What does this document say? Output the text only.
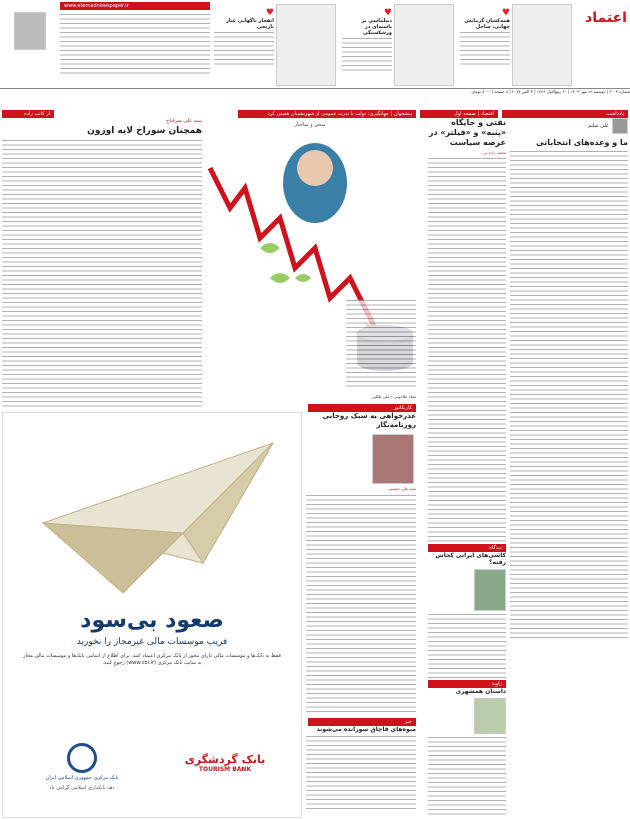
اعتماد
♥
همه‌کشان گرمایش جهانی، ساحل
♥
دیپلماسی بر پاشنه‌ای در ورشکستگی
♥
انفجار ناگهانی غبار نارنجی
www.etemadnewspaper.ir
شماره ۳۰۰۳ | دوشنبه ۱۲ مهر ۱۴۰۳ | ۳۰ ربیع‌الاول ۱۴۴۶ | ۳ اکتبر ۲۰۲۴ | ۸ صفحه | ۸۰۰۰ تومان
پیشخوان | جهانگیری: دولت با ندرت عمومی از شهرنشینان هستی کرد	اقتصاد | صفحه اول	یادداشت
از کاتب زاده
علی سلیم
ما و وعده‌های انتخاباتی
نفتی و جایگاه «پنبه» و «فیلتر» در عرصه سیاست
محمد زاده بی
سخن و ساختار
میلاد طاحونی - علی طالبی
سید علی میرفتاح
همچنان سوراخ لایه اوزون
کاریکاتور
عذرخواهی به سبک روحانی روزنامه‌نگار
سید علی حسینی
دیدگاه
کاشی‌های ایرانی کجاس رفته؟
زاویه
داستان همشهری
خبر
میوه‌های قاچاق سوزانده می‌شوند
صعود بی‌سود
فریب موسسات مالی غیرمجاز را نخورید
فقط به بانک‌ها و موسسات مالی دارای مجوز از بانک مرکزی اعتماد کنید. برای اطلاع از اسامی بانک‌ها و موسسات مالی مجاز به سایت بانک مرکزی (www.cbi.ir) رجوع کنید.
بانک گردشگری
TOURISM BANK
بانک مرکزی جمهوری اسلامی ایران
دهه بانکداری اسلامی گرامی باد
